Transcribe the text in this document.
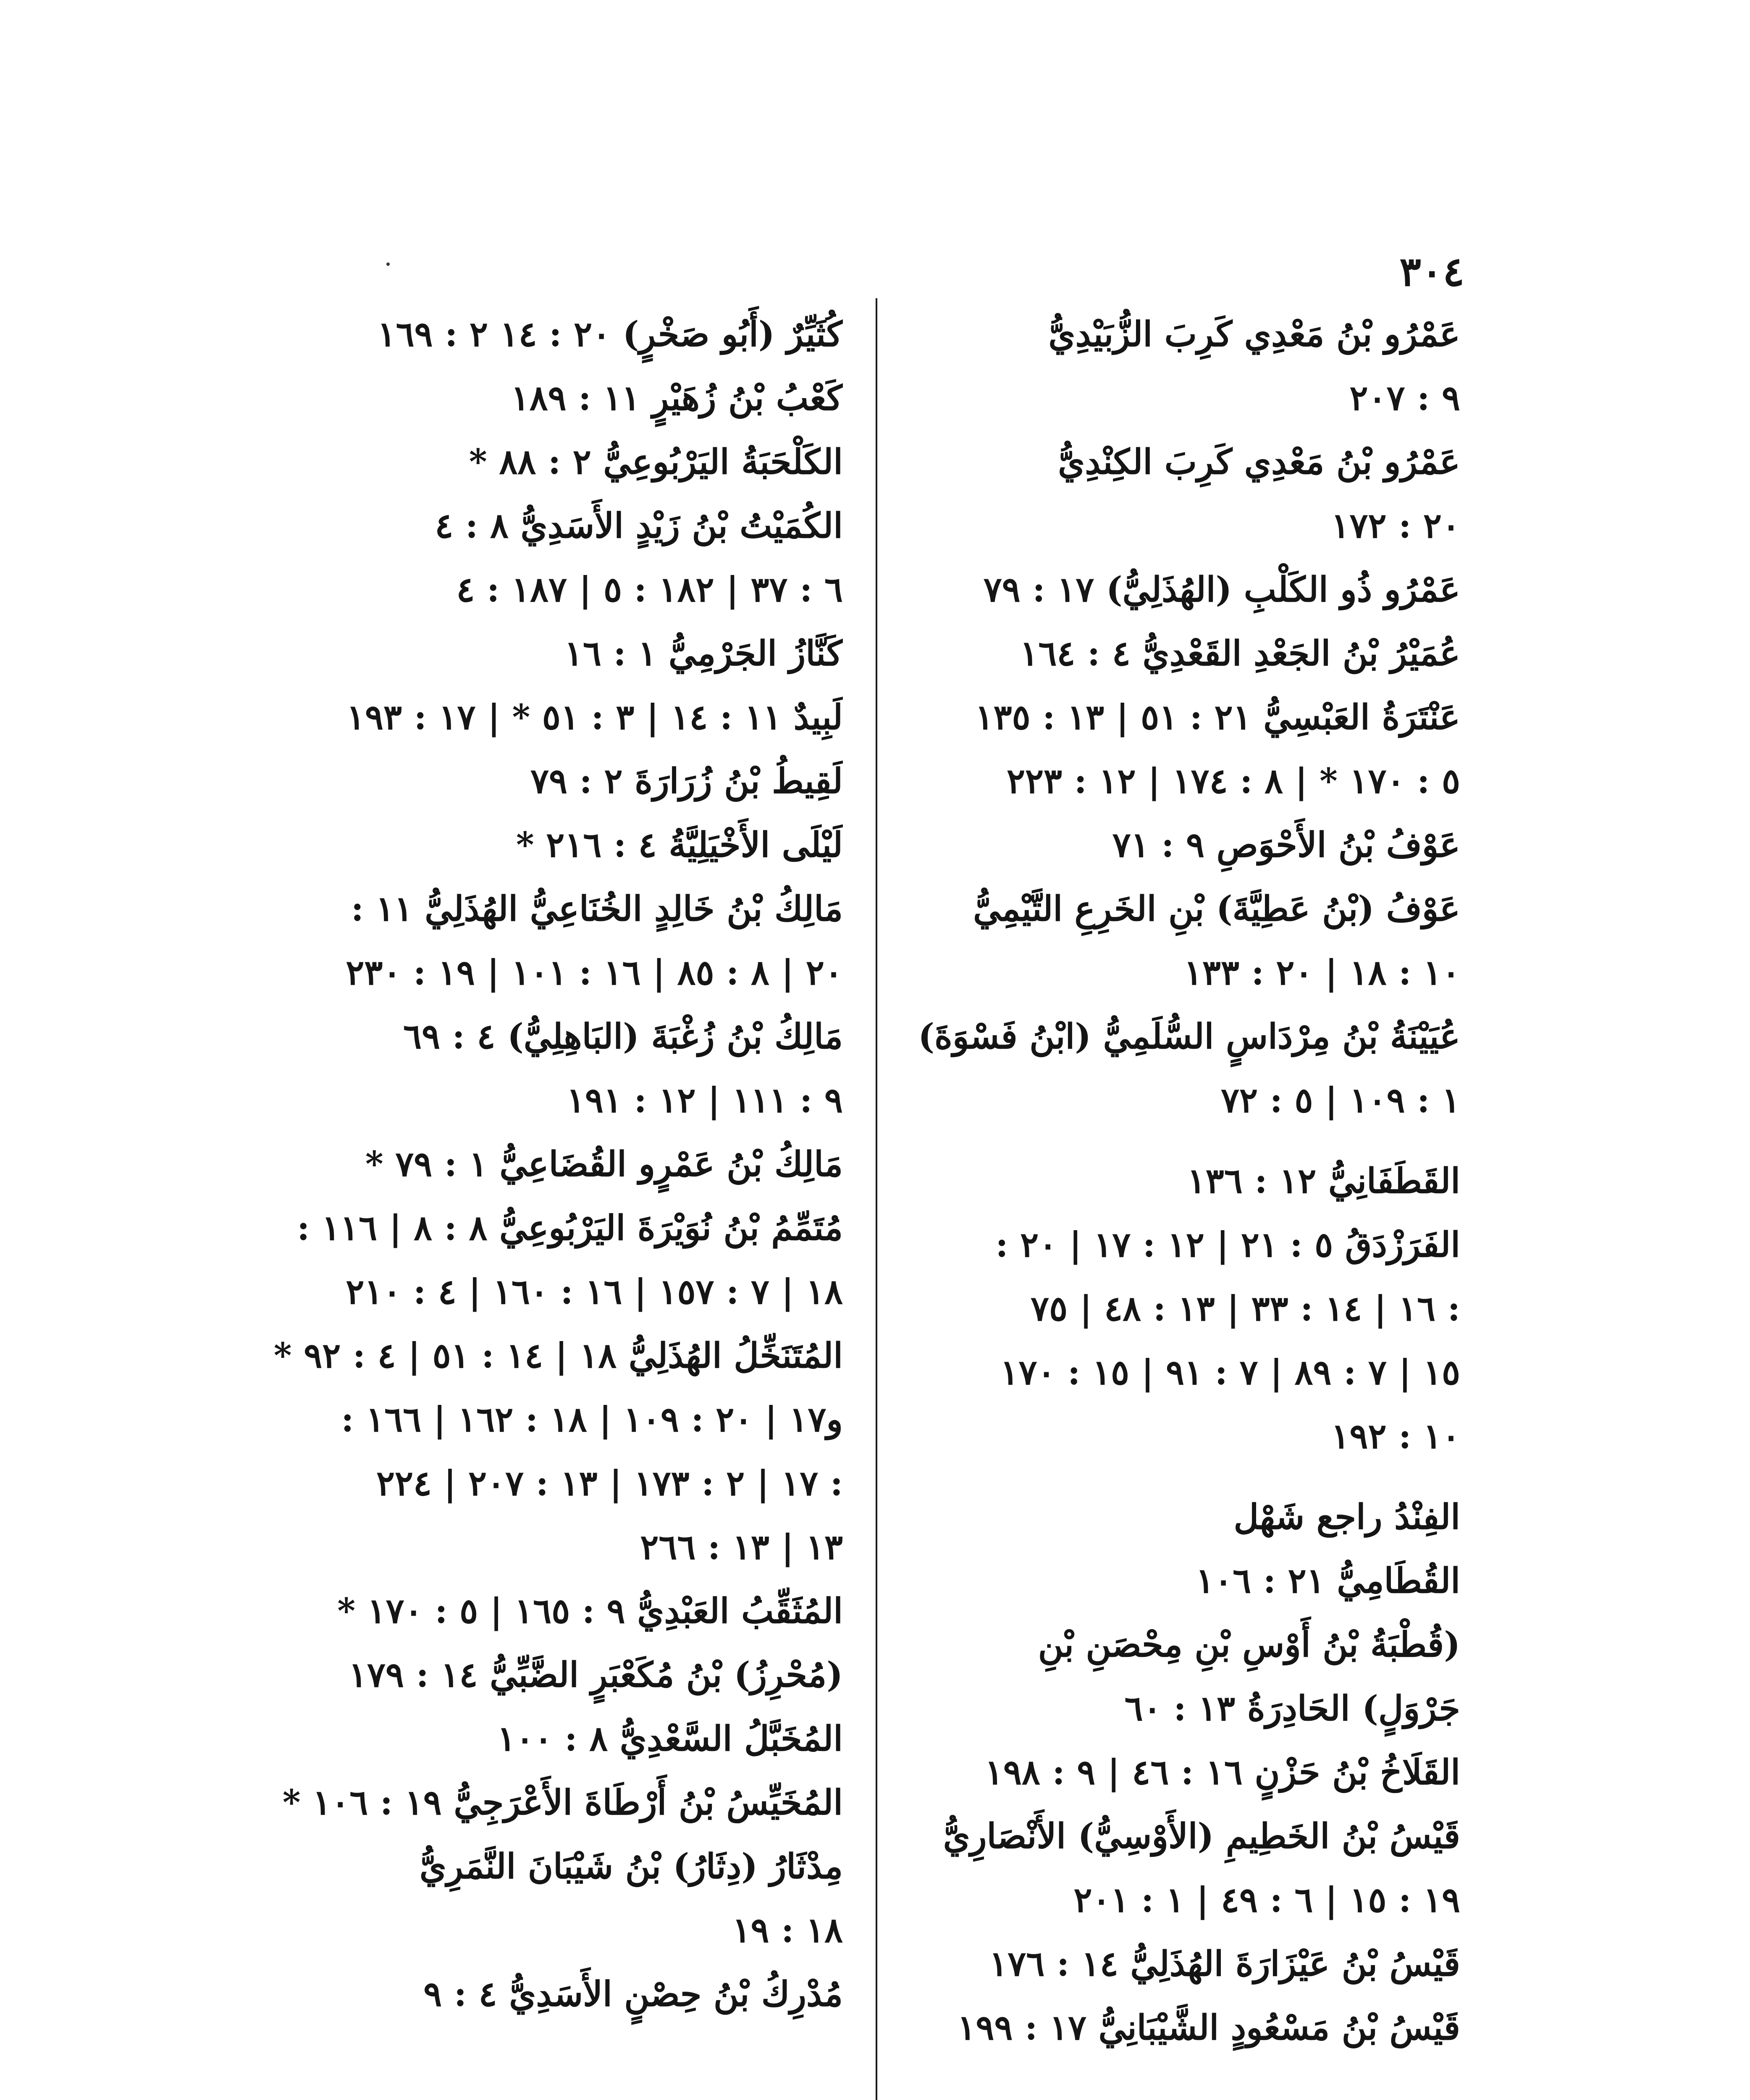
٣٠٤
عَمْرُو بْنُ مَعْدِي كَرِبَ الزُّبَيْدِيُّ
٩ : ٢٠٧
عَمْرُو بْنُ مَعْدِي كَرِبَ الكِنْدِيُّ
٢٠ : ١٧٢
عَمْرُو ذُو الكَلْبِ (الهُذَلِيُّ) ١٧ : ٧٩
عُمَيْرُ بْنُ الجَعْدِ القَعْدِيُّ ٤ : ١٦٤
عَنْتَرَةُ العَبْسِيُّ ٢١ : ٥١ | ١٣ : ١٣٥
٥ : ١٧٠ * | ٨ : ١٧٤ | ١٢ : ٢٢٣
عَوْفُ بْنُ الأَحْوَصِ ٩ : ٧١
عَوْفُ (بْنُ عَطِيَّةَ) بْنِ الخَرِعِ التَّيْمِيُّ
١٠ : ١٨ | ٢٠ : ١٣٣
عُيَيْنَةُ بْنُ مِرْدَاسٍ السُّلَمِيُّ (ابْنُ فَسْوَةَ)
١ : ١٠٩ | ٥ : ٧٢
القَطَفَانِيُّ ١٢ : ١٣٦
الفَرَزْدَقُ ٥ : ٢١ | ١٢ : ١٧ | ٢٠ :
١٦ | ١٤ : ٣٣ | ١٣ : ٤٨ | ٧٥ :
١٥ | ٧ : ٨٩ | ٧ : ٩١ | ١٥ : ١٧٠
١٠ : ١٩٢
الفِنْدُ راجع شَهْل
القُطَامِيُّ ٢١ : ١٠٦
(قُطْبَةُ بْنُ أَوْسِ بْنِ مِحْصَنِ بْنِ
جَرْوَلٍ) الحَادِرَةُ ١٣ : ٦٠
القَلَاخُ بْنُ حَزْنٍ ١٦ : ٤٦ | ٩ : ١٩٨
قَيْسُ بْنُ الخَطِيمِ (الأَوْسِيُّ) الأَنْصَارِيُّ
١٩ : ١٥ | ٦ : ٤٩ | ١ : ٢٠١
قَيْسُ بْنُ عَيْزَارَةَ الهُذَلِيُّ ١٤ : ١٧٦
قَيْسُ بْنُ مَسْعُودٍ الشَّيْبَانِيُّ ١٧ : ١٩٩
كُثَيِّرٌ (أَبُو صَخْرٍ) ٢٠ : ١٤ ٢ : ١٦٩
كَعْبُ بْنُ زُهَيْرٍ ١١ : ١٨٩
الكَلْحَبَةُ اليَرْبُوعِيُّ ٢ : ٨٨ *
الكُمَيْتُ بْنُ زَيْدٍ الأَسَدِيُّ ٨ : ٤
٦ : ٣٧ | ١٨٢ : ٥ | ١٨٧ : ٤
كَنَّازُ الجَرْمِيُّ ١ : ١٦
لَبِيدٌ ١١ : ١٤ | ٣ : ٥١ * | ١٧ : ١٩٣
لَقِيطُ بْنُ زُرَارَةَ ٢ : ٧٩
لَيْلَى الأَخْيَلِيَّةُ ٤ : ٢١٦ *
مَالِكُ بْنُ خَالِدٍ الخُنَاعِيُّ الهُذَلِيُّ ١١ :
٢٠ | ٨ : ٨٥ | ١٦ : ١٠١ | ١٩ : ٢٣٠
مَالِكُ بْنُ زُغْبَةَ (البَاهِلِيُّ) ٤ : ٦٩
٩ : ١١١ | ١٢ : ١٩١
مَالِكُ بْنُ عَمْرٍو القُضَاعِيُّ ١ : ٧٩ *
مُتَمِّمُ بْنُ نُوَيْرَةَ اليَرْبُوعِيُّ ٨ : ٨ | ١١٦ :
١٨ | ٧ : ١٥٧ | ١٦ : ١٦٠ | ٤ : ٢١٠
المُتَنَخِّلُ الهُذَلِيُّ ١٨ | ١٤ : ٥١ | ٤ : ٩٢ *
و١٧ | ٢٠ : ١٠٩ | ١٨ : ١٦٢ | ١٦٦ :
١٧ | ٢ : ١٧٣ | ١٣ : ٢٠٧ | ٢٢٤ :
١٣ | ١٣ : ٢٦٦
المُثَقِّبُ العَبْدِيُّ ٩ : ١٦٥ | ٥ : ١٧٠ *
(مُحْرِزُ) بْنُ مُكَعْبَرٍ الضَّبِّيُّ ١٤ : ١٧٩
المُخَبَّلُ السَّعْدِيُّ ٨ : ١٠٠
المُخَيِّسُ بْنُ أَرْطَاةَ الأَعْرَجِيُّ ١٩ : ١٠٦ *
مِدْثَارُ (دِثَارُ) بْنُ شَيْبَانَ النَّمَرِيُّ
١٨ : ١٩
مُدْرِكُ بْنُ حِصْنٍ الأَسَدِيُّ ٤ : ٩
